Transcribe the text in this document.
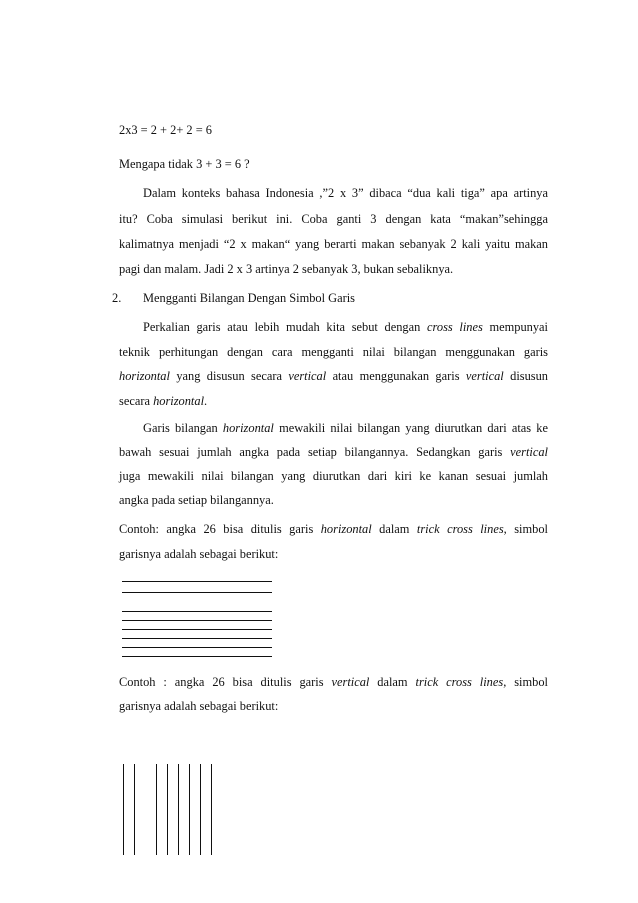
2x3 = 2 + 2+ 2 = 6
Mengapa tidak 3 + 3 = 6 ?
Dalam konteks bahasa Indonesia ,”2 x 3” dibaca “dua kali tiga” apa artinya
itu? Coba simulasi berikut ini. Coba ganti 3 dengan kata “makan”sehingga
kalimatnya menjadi “2 x makan“ yang berarti makan sebanyak 2 kali yaitu makan
pagi dan malam. Jadi 2 x 3 artinya 2 sebanyak 3, bukan sebaliknya.
2. Mengganti Bilangan Dengan Simbol Garis
Perkalian garis atau lebih mudah kita sebut dengan cross lines mempunyai
teknik perhitungan dengan cara mengganti nilai bilangan menggunakan garis
horizontal yang disusun secara vertical atau menggunakan garis vertical disusun
secara horizontal.
Garis bilangan horizontal mewakili nilai bilangan yang diurutkan dari atas ke
bawah sesuai jumlah angka pada setiap bilangannya. Sedangkan garis vertical
juga mewakili nilai bilangan yang diurutkan dari kiri ke kanan sesuai jumlah
angka pada setiap bilangannya.
Contoh: angka 26 bisa ditulis garis horizontal dalam trick cross lines, simbol
garisnya adalah sebagai berikut:
Contoh : angka 26 bisa ditulis garis vertical dalam trick cross lines, simbol
garisnya adalah sebagai berikut:
